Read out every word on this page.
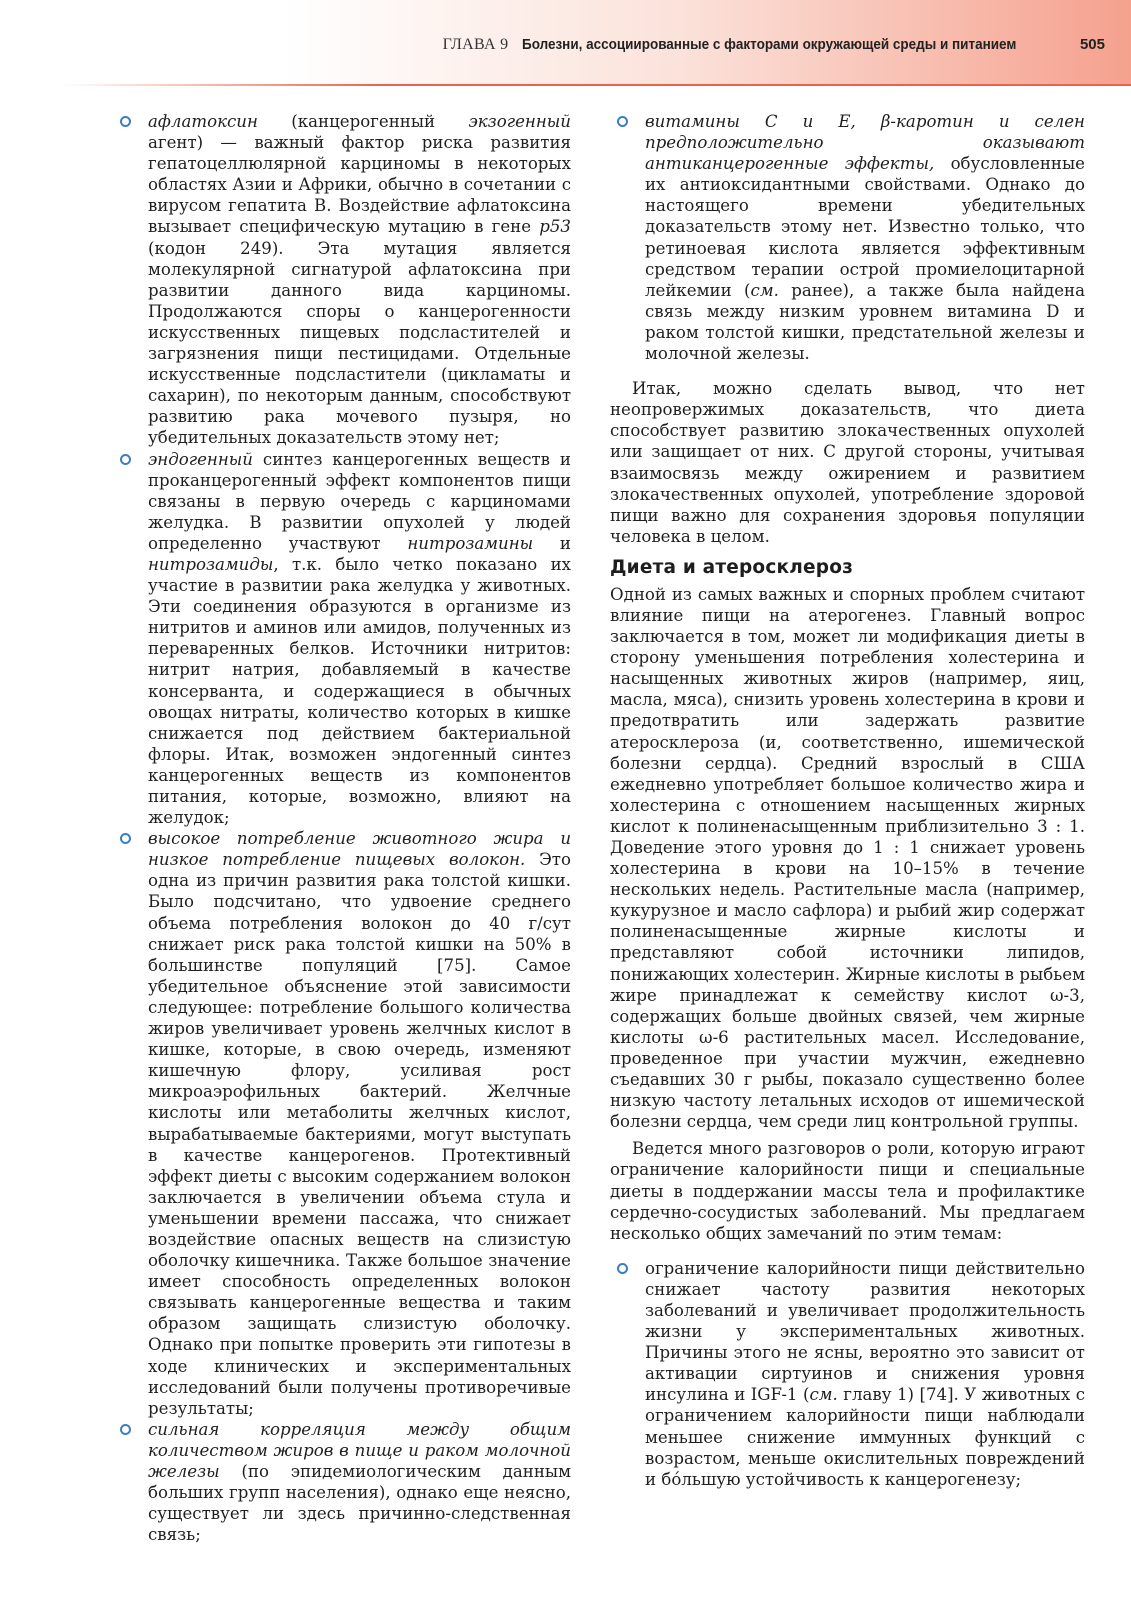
ГЛАВА 9 Болезни, ассоциированные с факторами окружающей среды и питанием	505

афлатоксин (канцерогенный экзогенный агент) — важный фактор риска развития гепатоцеллюлярной карциномы в некоторых областях Азии и Африки, обычно в сочетании с вирусом гепатита В. Воздействие афлатоксина вызывает специфическую мутацию в гене p53 (кодон 249). Эта мутация является молекулярной сигнатурой афлатоксина при развитии данного вида карциномы. Продолжаются споры о канцерогенности искусственных пищевых подсластителей и загрязнения пищи пестицидами. Отдельные искусственные подсластители (цикламаты и сахарин), по некоторым данным, способствуют развитию рака мочевого пузыря, но убедительных доказательств этому нет;

эндогенный синтез канцерогенных веществ и проканцерогенный эффект компонентов пищи связаны в первую очередь с карциномами желудка. В развитии опухолей у людей определенно участвуют нитрозамины и нитрозамиды, т.к. было четко показано их участие в развитии рака желудка у животных. Эти соединения образуются в организме из нитритов и аминов или амидов, полученных из переваренных белков. Источники нитритов: нитрит натрия, добавляемый в качестве консерванта, и содержащиеся в обычных овощах нитраты, количество которых в кишке снижается под действием бактериальной флоры. Итак, возможен эндогенный синтез канцерогенных веществ из компонентов питания, которые, возможно, влияют на желудок;

высокое потребление животного жира и низкое потребление пищевых волокон. Это одна из причин развития рака толстой кишки. Было подсчитано, что удвоение среднего объема потребления волокон до 40 г/сут снижает риск рака толстой кишки на 50% в большинстве популяций [75]. Самое убедительное объяснение этой зависимости следующее: потребление большого количества жиров увеличивает уровень желчных кислот в кишке, которые, в свою очередь, изменяют кишечную флору, усиливая рост микроаэрофильных бактерий. Желчные кислоты или метаболиты желчных кислот, вырабатываемые бактериями, могут выступать в качестве канцерогенов. Протективный эффект диеты с высоким содержанием волокон заключается в увеличении объема стула и уменьшении времени пассажа, что снижает воздействие опасных веществ на слизистую оболочку кишечника. Также большое значение имеет способность определенных волокон связывать канцерогенные вещества и таким образом защищать слизистую оболочку. Однако при попытке проверить эти гипотезы в ходе клинических и экспериментальных исследований были получены противоречивые результаты;

сильная корреляция между общим количеством жиров в пище и раком молочной железы (по эпидемиологическим данным больших групп населения), однако еще неясно, существует ли здесь причинно-следственная связь;

витамины С и Е, β-каротин и селен предположительно оказывают антиканцерогенные эффекты, обусловленные их антиоксидантными свойствами. Однако до настоящего времени убедительных доказательств этому нет. Известно только, что ретиноевая кислота является эффективным средством терапии острой промиелоцитарной лейкемии (см. ранее), а также была найдена связь между низким уровнем витамина D и раком толстой кишки, предстательной железы и молочной железы.

Итак, можно сделать вывод, что нет неопровержимых доказательств, что диета способствует развитию злокачественных опухолей или защищает от них. С другой стороны, учитывая взаимосвязь между ожирением и развитием злокачественных опухолей, употребление здоровой пищи важно для сохранения здоровья популяции человека в целом.

Диета и атеросклероз

Одной из самых важных и спорных проблем считают влияние пищи на атерогенез. Главный вопрос заключается в том, может ли модификация диеты в сторону уменьшения потребления холестерина и насыщенных животных жиров (например, яиц, масла, мяса), снизить уровень холестерина в крови и предотвратить или задержать развитие атеросклероза (и, соответственно, ишемической болезни сердца). Средний взрослый в США ежедневно употребляет большое количество жира и холестерина с отношением насыщенных жирных кислот к полиненасыщенным приблизительно 3 : 1. Доведение этого уровня до 1 : 1 снижает уровень холестерина в крови на 10–15% в течение нескольких недель. Растительные масла (например, кукурузное и масло сафлора) и рыбий жир содержат полиненасыщенные жирные кислоты и представляют собой источники липидов, понижающих холестерин. Жирные кислоты в рыбьем жире принадлежат к семейству кислот ω-3, содержащих больше двойных связей, чем жирные кислоты ω-6 растительных масел. Исследование, проведенное при участии мужчин, ежедневно съедавших 30 г рыбы, показало существенно более низкую частоту летальных исходов от ишемической болезни сердца, чем среди лиц контрольной группы.

Ведется много разговоров о роли, которую играют ограничение калорийности пищи и специальные диеты в поддержании массы тела и профилактике сердечно-сосудистых заболеваний. Мы предлагаем несколько общих замечаний по этим темам:

ограничение калорийности пищи действительно снижает частоту развития некоторых заболеваний и увеличивает продолжительность жизни у экспериментальных животных. Причины этого не ясны, вероятно это зависит от активации сиртуинов и снижения уровня инсулина и IGF-1 (см. главу 1) [74]. У животных с ограничением калорийности пищи наблюдали меньшее снижение иммунных функций с возрастом, меньше окислительных повреждений и бóльшую устойчивость к канцерогенезу;
